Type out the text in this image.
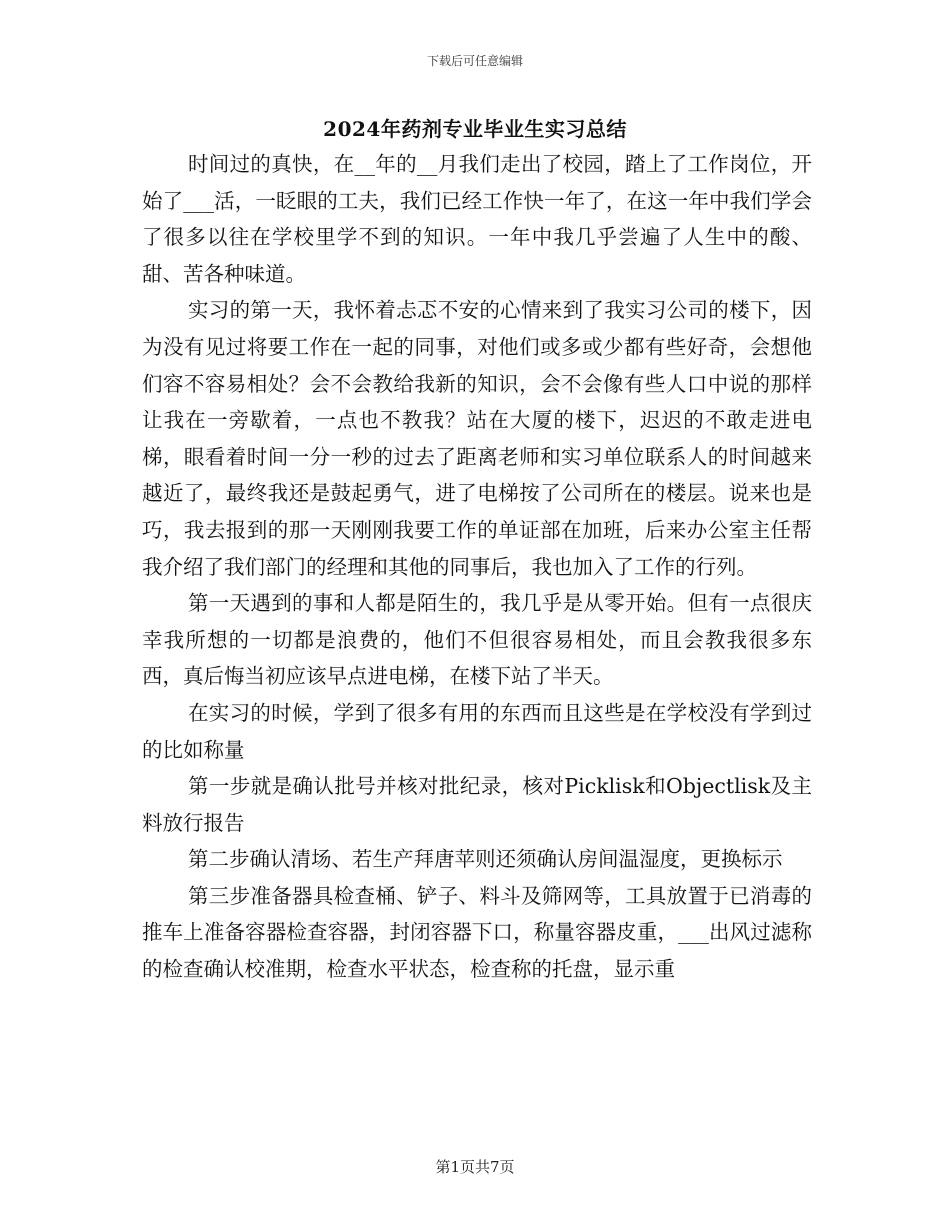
下载后可任意编辑
2024年药剂专业毕业生实习总结

时间过的真快，在__年的__月我们走出了校园，踏上了工作岗位，开始了___活，一眨眼的工夫，我们已经工作快一年了，在这一年中我们学会了很多以往在学校里学不到的知识。一年中我几乎尝遍了人生中的酸、甜、苦各种味道。

实习的第一天，我怀着忐忑不安的心情来到了我实习公司的楼下，因为没有见过将要工作在一起的同事，对他们或多或少都有些好奇，会想他们容不容易相处？会不会教给我新的知识，会不会像有些人口中说的那样让我在一旁歇着，一点也不教我？站在大厦的楼下，迟迟的不敢走进电梯，眼看着时间一分一秒的过去了距离老师和实习单位联系人的时间越来越近了，最终我还是鼓起勇气，进了电梯按了公司所在的楼层。说来也是巧，我去报到的那一天刚刚我要工作的单证部在加班，后来办公室主任帮我介绍了我们部门的经理和其他的同事后，我也加入了工作的行列。

第一天遇到的事和人都是陌生的，我几乎是从零开始。但有一点很庆幸我所想的一切都是浪费的，他们不但很容易相处，而且会教我很多东西，真后悔当初应该早点进电梯，在楼下站了半天。

在实习的时候，学到了很多有用的东西而且这些是在学校没有学到过的比如称量

第一步就是确认批号并核对批纪录，核对Picklisk和Objectlisk及主料放行报告

第二步确认清场、若生产拜唐苹则还须确认房间温湿度，更换标示

第三步准备器具检查桶、铲子、料斗及筛网等，工具放置于已消毒的推车上准备容器检查容器，封闭容器下口，称量容器皮重，___出风过滤称的检查确认校准期，检查水平状态，检查称的托盘，显示重

第1页共7页
